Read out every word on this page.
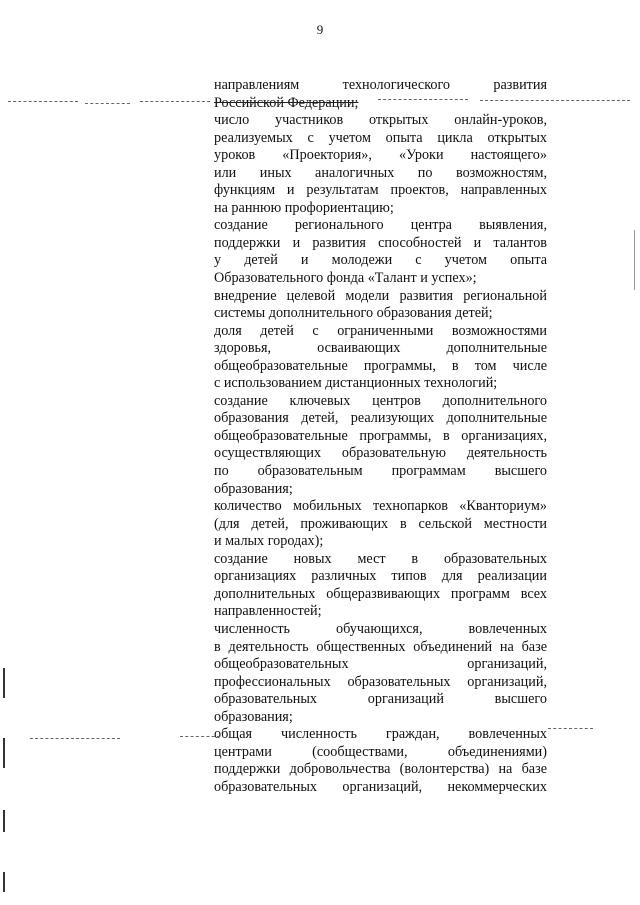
9
направлениям технологического развития
Российской Федерации;
число участников открытых онлайн-уроков,
реализуемых с учетом опыта цикла открытых
уроков «Проектория», «Уроки настоящего»
или иных аналогичных по возможностям,
функциям и результатам проектов, направленных
на раннюю профориентацию;
создание регионального центра выявления,
поддержки и развития способностей и талантов
у детей и молодежи с учетом опыта
Образовательного фонда «Талант и успех»;
внедрение целевой модели развития региональной
системы дополнительного образования детей;
доля детей с ограниченными возможностями
здоровья, осваивающих дополнительные
общеобразовательные программы, в том числе
с использованием дистанционных технологий;
создание ключевых центров дополнительного
образования детей, реализующих дополнительные
общеобразовательные программы, в организациях,
осуществляющих образовательную деятельность
по образовательным программам высшего
образования;
количество мобильных технопарков «Кванториум»
(для детей, проживающих в сельской местности
и малых городах);
создание новых мест в образовательных
организациях различных типов для реализации
дополнительных общеразвивающих программ всех
направленностей;
численность обучающихся, вовлеченных
в деятельность общественных объединений на базе
общеобразовательных организаций,
профессиональных образовательных организаций,
образовательных организаций высшего
образования;
общая численность граждан, вовлеченных
центрами (сообществами, объединениями)
поддержки добровольчества (волонтерства) на базе
образовательных организаций, некоммерческих
